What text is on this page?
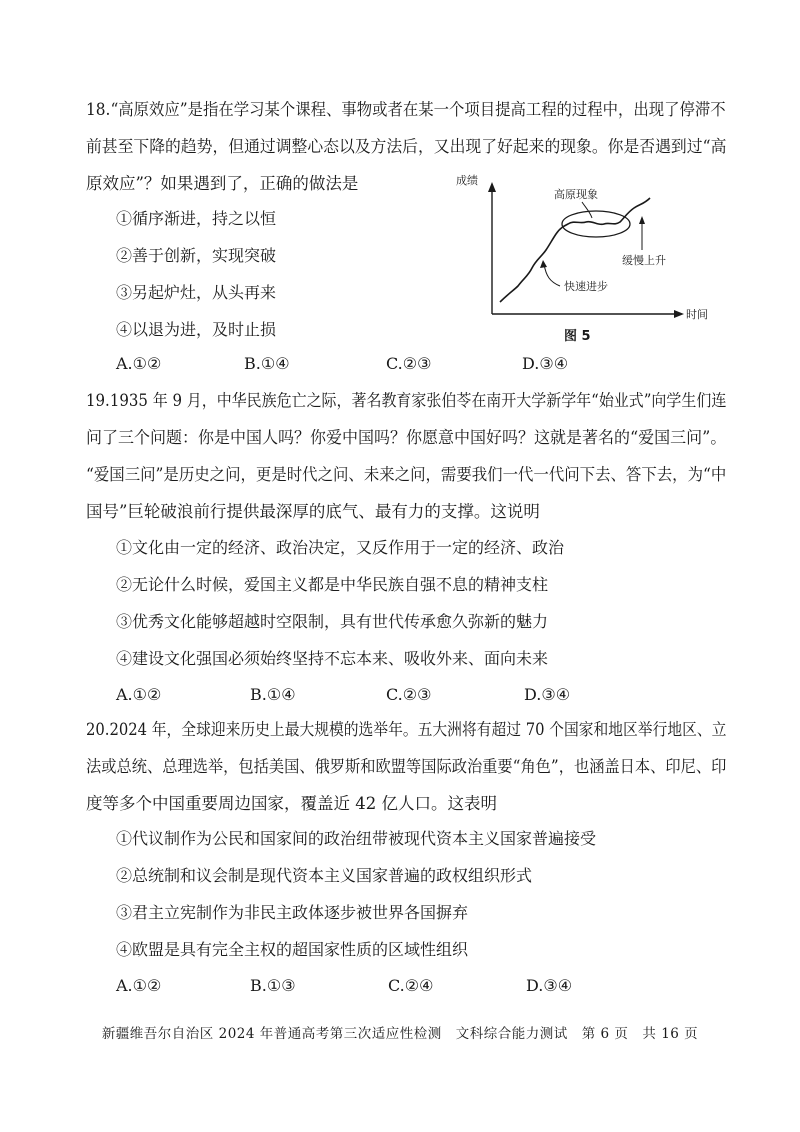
18.“高原效应”是指在学习某个课程、事物或者在某一个项目提高工程的过程中，出现了停滞不
前甚至下降的趋势，但通过调整心态以及方法后，又出现了好起来的现象。你是否遇到过“高
原效应”？如果遇到了，正确的做法是
①循序渐进，持之以恒
②善于创新，实现突破
③另起炉灶，从头再来
④以退为进，及时止损
A.①②	B.①④	C.②③	D.③④
成绩
时间
高原现象
缓慢上升
快速进步
图 5
19.1935 年 9 月，中华民族危亡之际，著名教育家张伯苓在南开大学新学年“始业式”向学生们连
问了三个问题：你是中国人吗？你爱中国吗？你愿意中国好吗？这就是著名的“爱国三问”。
“爱国三问”是历史之问，更是时代之问、未来之问，需要我们一代一代问下去、答下去，为“中
国号”巨轮破浪前行提供最深厚的底气、最有力的支撑。这说明
①文化由一定的经济、政治决定，又反作用于一定的经济、政治
②无论什么时候，爱国主义都是中华民族自强不息的精神支柱
③优秀文化能够超越时空限制，具有世代传承愈久弥新的魅力
④建设文化强国必须始终坚持不忘本来、吸收外来、面向未来
A.①②	B.①④	C.②③	D.③④
20.2024 年，全球迎来历史上最大规模的选举年。五大洲将有超过 70 个国家和地区举行地区、立
法或总统、总理选举，包括美国、俄罗斯和欧盟等国际政治重要“角色”，也涵盖日本、印尼、印
度等多个中国重要周边国家，覆盖近 42 亿人口。这表明
①代议制作为公民和国家间的政治纽带被现代资本主义国家普遍接受
②总统制和议会制是现代资本主义国家普遍的政权组织形式
③君主立宪制作为非民主政体逐步被世界各国摒弃
④欧盟是具有完全主权的超国家性质的区域性组织
A.①②	B.①③	C.②④	D.③④
新疆维吾尔自治区 2024 年普通高考第三次适应性检测　文科综合能力测试　第 6 页　共 16 页
